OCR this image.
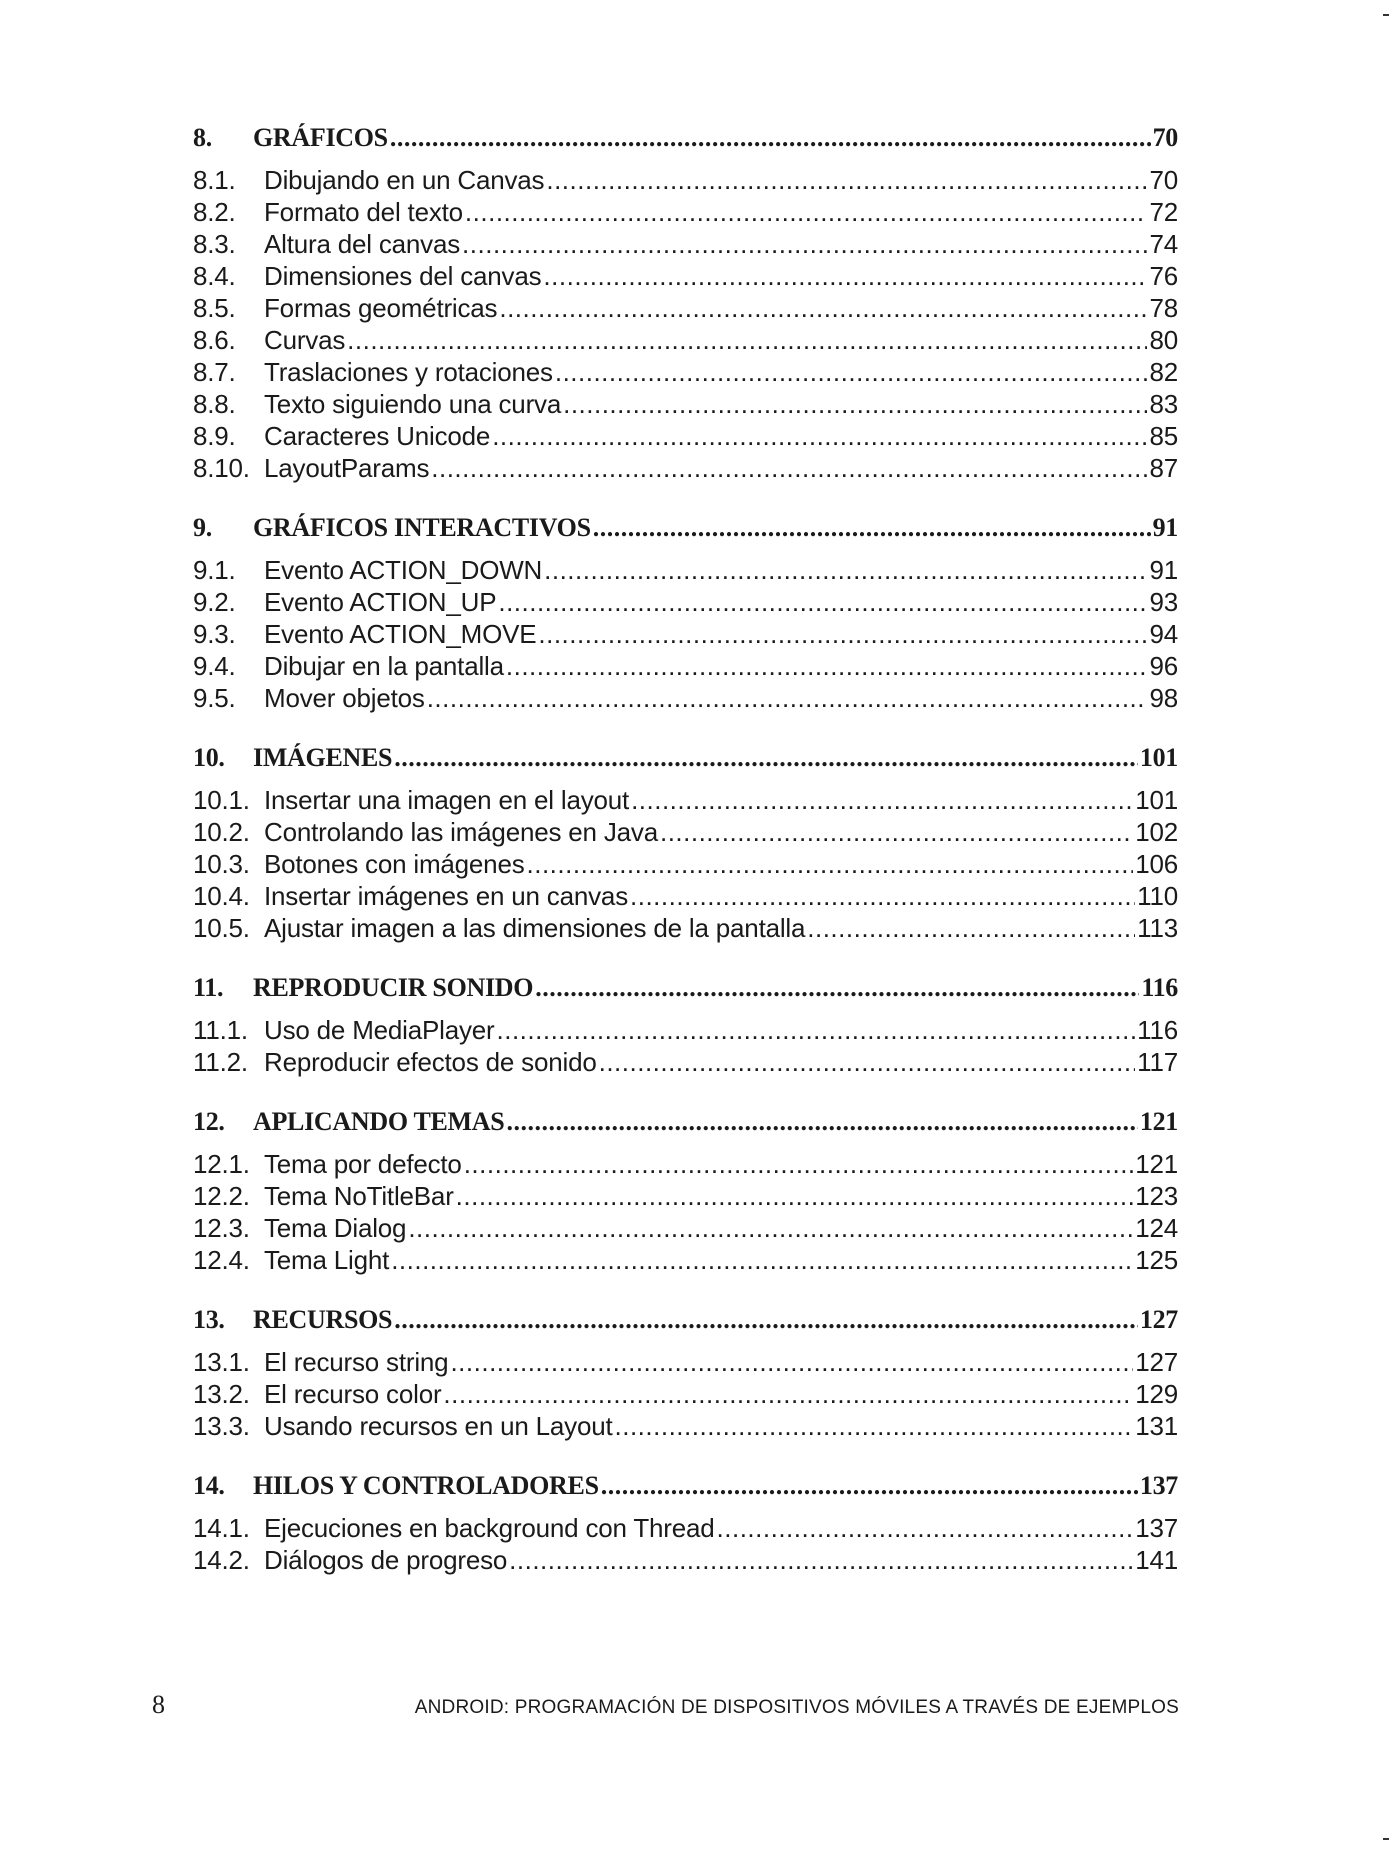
8.	GRÁFICOS .....	70
8.1.	Dibujando en un Canvas .....	70
8.2.	Formato del texto .....	72
8.3.	Altura del canvas .....	74
8.4.	Dimensiones del canvas .....	76
8.5.	Formas geométricas .....	78
8.6.	Curvas .....	80
8.7.	Traslaciones y rotaciones .....	82
8.8.	Texto siguiendo una curva .....	83
8.9.	Caracteres Unicode .....	85
8.10. LayoutParams .....	87
9.	GRÁFICOS INTERACTIVOS .....	91
9.1.	Evento ACTION_DOWN .....	91
9.2.	Evento ACTION_UP .....	93
9.3.	Evento ACTION_MOVE .....	94
9.4.	Dibujar en la pantalla .....	96
9.5.	Mover objetos .....	98
10.	IMÁGENES .....	101
10.1. Insertar una imagen en el layout .....	101
10.2. Controlando las imágenes en Java .....	102
10.3. Botones con imágenes .....	106
10.4. Insertar imágenes en un canvas .....	110
10.5. Ajustar imagen a las dimensiones de la pantalla .....	113
11.	REPRODUCIR SONIDO .....	116
11.1. Uso de MediaPlayer .....	116
11.2. Reproducir efectos de sonido .....	117
12.	APLICANDO TEMAS .....	121
12.1. Tema por defecto .....	121
12.2. Tema NoTitleBar .....	123
12.3. Tema Dialog .....	124
12.4. Tema Light .....	125
13.	RECURSOS .....	127
13.1. El recurso string .....	127
13.2. El recurso color .....	129
13.3. Usando recursos en un Layout .....	131
14.	HILOS Y CONTROLADORES .....	137
14.1. Ejecuciones en background con Thread .....	137
14.2. Diálogos de progreso .....	141
8	ANDROID: PROGRAMACIÓN DE DISPOSITIVOS MÓVILES A TRAVÉS DE EJEMPLOS
